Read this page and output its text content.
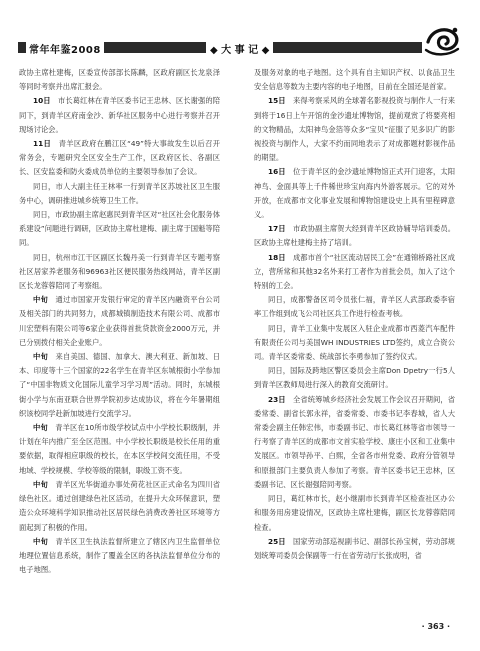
常年年鉴2008	◆ 大 事 记 ◆

政协主席杜建梅，区委宣传部部长陈麟，区政府副区长龙泉泽等同时考察并出席汇报会。

10日　 市长葛红林在青羊区委书记王忠林、区长谢强的陪同下，到青羊区府南金沙、新华社区服务中心进行考察并召开现场讨论会。

11日　 青羊区政府在鹏江区“49”特大事故发生以后召开常务会，专题研究全区安全生产工作，区政府区长、各副区长、区安监委和防火委成员单位的主要领导参加了会议。

同日，市人大副主任王林率一行到青羊区苏坡社区卫生服务中心，调研推进城乡统筹卫生工作。

同日，市政协副主席赵惠民到青羊区对“社区社会化服务体系建设”问题进行调研，区政协主席杜建梅、副主席于国魁等陪同。

同日，杭州市江干区副区长魏丹美一行到青羊区专题考察社区居家养老服务和96963社区便民服务热线网站，青羊区副区长龙蓉蓉陪同了考察组。

中旬　 通过市国家开发银行审定的青羊区内融资平台公司及相关部门的共同努力，成都城镇制造技术有限公司、成都市川宏塑料有限公司等6家企业获得首批贷款资金2000万元，并已分别拨付相关企业账户。

中旬　 来自美国、德国、加拿大、澳大利亚、新加坡、日本、印度等十三个国家的22名学生在青羊区东城根街小学参加了“中国非物质文化国际儿童学习学习周”活动。同时，东城根街小学与东南亚联合世界学院初步达成协议，将在今年暑期组织该校同学赴新加坡进行交流学习。

中旬　 青羊区在10所市级学校试点中小学校长职级制，并计划在年内推广至全区范围。中小学校长职级是校长任用的重要依据，取得相应职级的校长，在本区学校间交流任用，不受地域、学校规模、学校等级的限制，职级工资不变。

中旬　 青羊区光华街道办事处荷花社区正式命名为四川省绿色社区。通过创建绿色社区活动，在提升大众环保意识，塑造公众环境科学知识推动社区居民绿色消费改善社区环境等方面起到了积极的作用。

中旬　 青羊区卫生执法监督所建立了辖区内卫生监督单位地理位置信息系统，制作了覆盖全区的各执法监督单位分布的电子地图。

及服务对象的电子地图。这个具有自主知识产权、以食品卫生安全信息等数为主要内容的电子地图，目前在全国还是首家。

15日　 来得考察采风的全球著名影视投资与制作人一行来到将于16日上午开馆的金沙遗址博物馆，提前观赏了将要亮相的文物精品，太阳神鸟金箔等众多“宝贝”征服了见多识广的影视投资与制作人，大家不约而同地表示了对成都题材影视作品的期望。

16日　 位于青羊区的金沙遗址博物馆正式开门迎客，太阳神鸟、金面具等上千件稀世珍宝向海内外游客展示。它的对外开放，在成都市文化事业发展和博物馆建设史上具有里程碑意义。

17日　 市政协副主席贺大经到青羊区政协辅导培训委员。区政协主席杜建梅主持了培训。

18日　 成都市首个“社区流动居民工会”在通锦桥路社区成立，营所常和其他32名外来打工者作为首批会员，加入了这个特别的工会。

同日，成都警备区司令员张仁福，青羊区人武部政委李宿率工作组到成飞公司社区兵工作进行检查考核。

同日，青羊工业集中发展区入驻企业成都市西菱汽车配件有限责任公司与美国WH INDUSTRIES LTD签约，成立合资公司。青羊区委常委、统战部长李勇参加了签约仪式。

同日，国际及跨地区警区委员会主席Don Dpetry一行5人到青羊区教师局进行深入的教育交流研讨。

23日　 全省统筹城乡经济社会发展工作会议召开期间，省委常委、副省长郭永祥，省委常委、市委书记李春城，省人大常委会副主任韩宏伟，市委副书记、市长葛红林等省市领导一行考察了青羊区的成都市文首实验学校、康庄小区和工业集中发展区。市领导孙平、白熙，全省各市州党委、政府分管领导和原报部门主要负责人参加了考察。青羊区委书记王忠林，区委副书记、区长谢强陪同考察。

同日，葛红林市长，赵小继副市长到青羊区检查社区办公和服务用房建设情况，区政协主席杜建梅，副区长龙蓉蓉陪同检查。

25日　 国家劳动部巡视副书记、副部长孙宝树，劳动部规划统筹司委员会保副等一行在省劳动厅长张成明，省

· 363 ·
